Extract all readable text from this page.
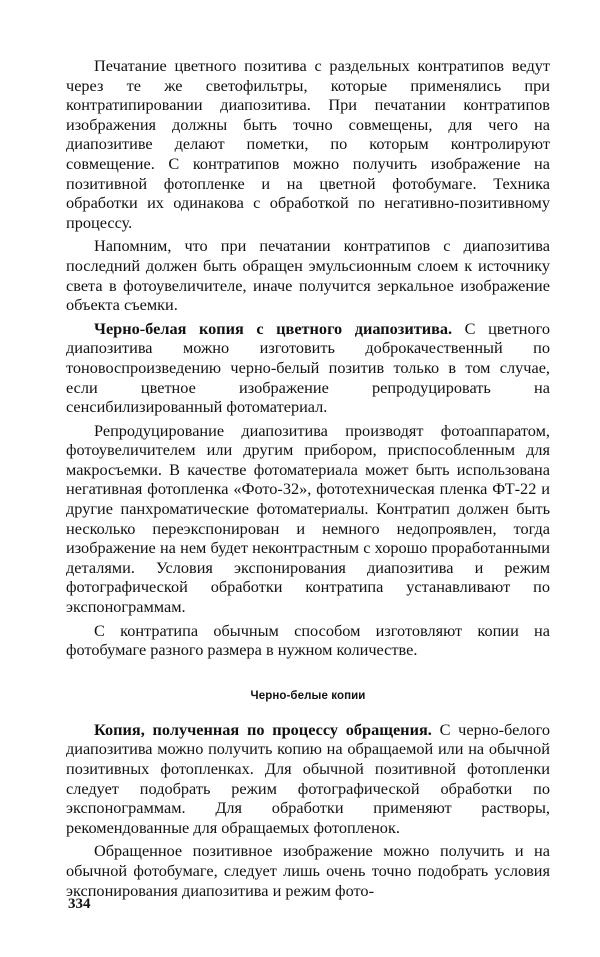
Печатание цветного позитива с раздельных контратипов ведут через те же светофильтры, которые применялись при контратипировании диапозитива. При печатании контратипов изображения должны быть точно совмещены, для чего на диапозитиве делают пометки, по которым контролируют совмещение. С контратипов можно получить изображение на позитивной фотопленке и на цветной фотобумаге. Техника обработки их одинакова с обработкой по негативно-позитивному процессу.

Напомним, что при печатании контратипов с диапозитива последний должен быть обращен эмульсионным слоем к источнику света в фотоувеличителе, иначе получится зеркальное изображение объекта съемки.

Черно-белая копия с цветного диапозитива. С цветного диапозитива можно изготовить доброкачественный по тоновоспроизведению черно-белый позитив только в том случае, если цветное изображение репродуцировать на сенсибилизированный фотоматериал.

Репродуцирование диапозитива производят фотоаппаратом, фотоувеличителем или другим прибором, приспособленным для макросъемки. В качестве фотоматериала может быть использована негативная фотопленка «Фото-32», фототехническая пленка ФТ-22 и другие панхроматические фотоматериалы. Контратип должен быть несколько переэкспонирован и немного недопроявлен, тогда изображение на нем будет неконтрастным с хорошо проработанными деталями. Условия экспонирования диапозитива и режим фотографической обработки контратипа устанавливают по экспонограммам.

С контратипа обычным способом изготовляют копии на фотобумаге разного размера в нужном количестве.

Черно-белые копии

Копия, полученная по процессу обращения. С черно-белого диапозитива можно получить копию на обращаемой или на обычной позитивных фотопленках. Для обычной позитивной фотопленки следует подобрать режим фотографической обработки по экспонограммам. Для обработки применяют растворы, рекомендованные для обращаемых фотопленок.

Обращенное позитивное изображение можно получить и на обычной фотобумаге, следует лишь очень точно подобрать условия экспонирования диапозитива и режим фото-

334
